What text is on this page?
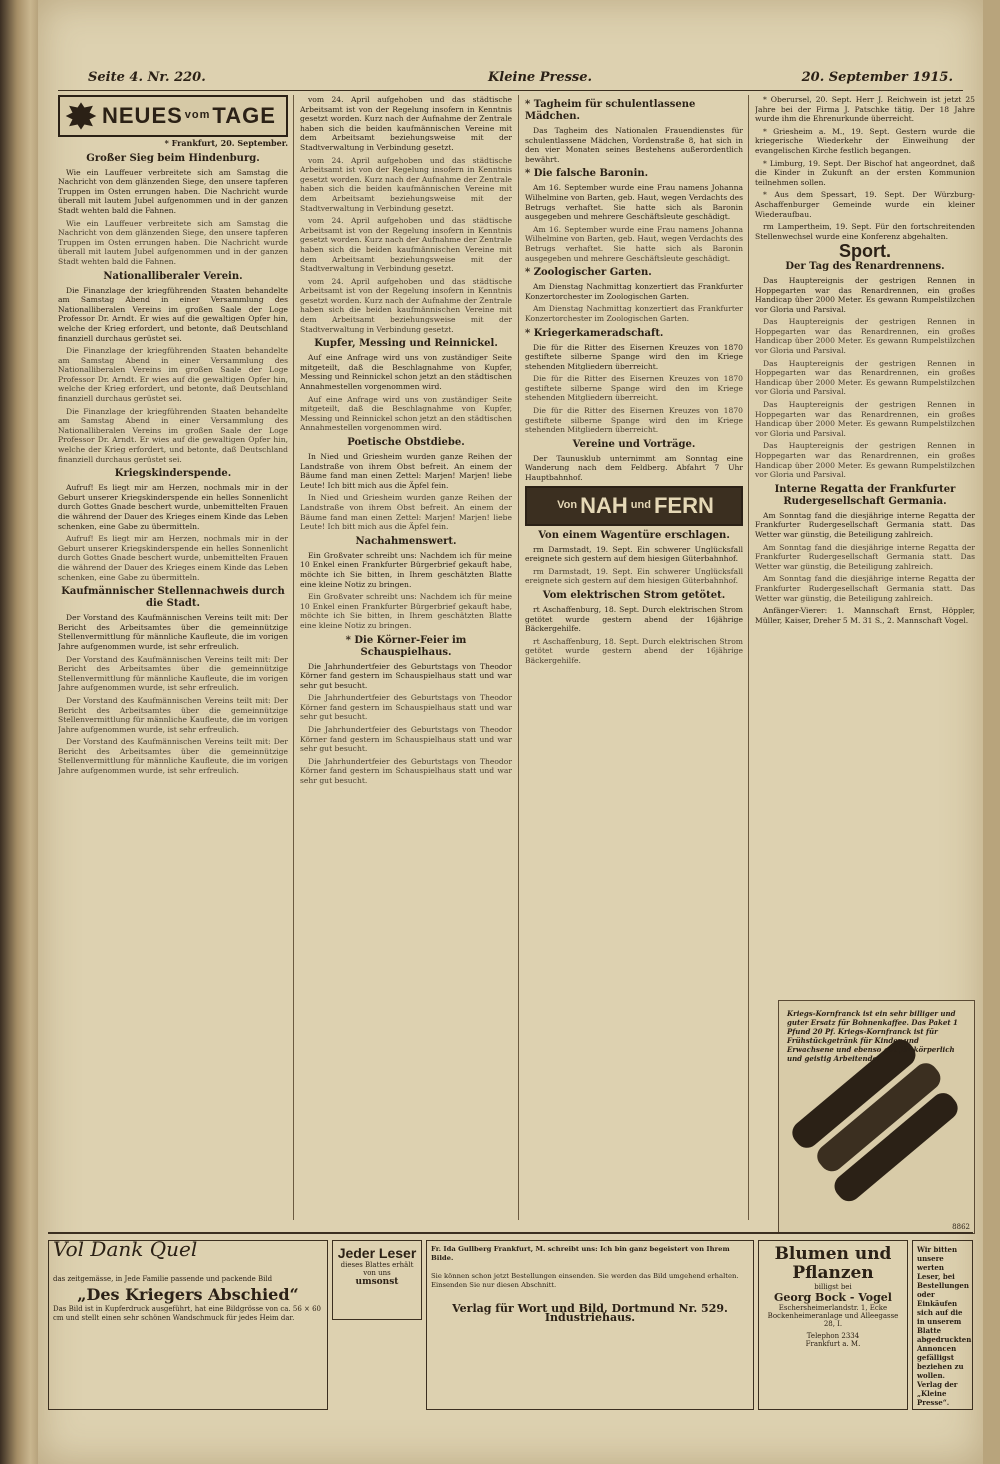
Seite 4. Nr. 220.	Kleine Presse.	20. September 1915.
NEUES vom TAGE
* Frankfurt, 20. September.
Großer Sieg beim Hindenburg.

Wie ein Lauffeuer verbreitete sich am Samstag die Nachricht von dem glänzenden Siege, den unsere tapferen Truppen im Osten errungen haben. Die Nachricht wurde überall mit lautem Jubel aufgenommen und in der ganzen Stadt wehten bald die Fahnen.

Wie ein Lauffeuer verbreitete sich am Samstag die Nachricht von dem glänzenden Siege, den unsere tapferen Truppen im Osten errungen haben. Die Nachricht wurde überall mit lautem Jubel aufgenommen und in der ganzen Stadt wehten bald die Fahnen.

Nationalliberaler Verein.

Die Finanzlage der kriegführenden Staaten behandelte am Samstag Abend in einer Versammlung des Nationalliberalen Vereins im großen Saale der Loge Professor Dr. Arndt. Er wies auf die gewaltigen Opfer hin, welche der Krieg erfordert, und betonte, daß Deutschland finanziell durchaus gerüstet sei.

Die Finanzlage der kriegführenden Staaten behandelte am Samstag Abend in einer Versammlung des Nationalliberalen Vereins im großen Saale der Loge Professor Dr. Arndt. Er wies auf die gewaltigen Opfer hin, welche der Krieg erfordert, und betonte, daß Deutschland finanziell durchaus gerüstet sei.

Die Finanzlage der kriegführenden Staaten behandelte am Samstag Abend in einer Versammlung des Nationalliberalen Vereins im großen Saale der Loge Professor Dr. Arndt. Er wies auf die gewaltigen Opfer hin, welche der Krieg erfordert, und betonte, daß Deutschland finanziell durchaus gerüstet sei.

Kriegskinderspende.

Aufruf! Es liegt mir am Herzen, nochmals mir in der Geburt unserer Kriegskinderspende ein helles Sonnenlicht durch Gottes Gnade beschert wurde, unbemittelten Frauen die während der Dauer des Krieges einem Kinde das Leben schenken, eine Gabe zu übermitteln.

Aufruf! Es liegt mir am Herzen, nochmals mir in der Geburt unserer Kriegskinderspende ein helles Sonnenlicht durch Gottes Gnade beschert wurde, unbemittelten Frauen die während der Dauer des Krieges einem Kinde das Leben schenken, eine Gabe zu übermitteln.

Kaufmännischer Stellennachweis durch die Stadt.

Der Vorstand des Kaufmännischen Vereins teilt mit: Der Bericht des Arbeitsamtes über die gemeinnützige Stellenvermittlung für männliche Kaufleute, die im vorigen Jahre aufgenommen wurde, ist sehr erfreulich.

Der Vorstand des Kaufmännischen Vereins teilt mit: Der Bericht des Arbeitsamtes über die gemeinnützige Stellenvermittlung für männliche Kaufleute, die im vorigen Jahre aufgenommen wurde, ist sehr erfreulich.

Der Vorstand des Kaufmännischen Vereins teilt mit: Der Bericht des Arbeitsamtes über die gemeinnützige Stellenvermittlung für männliche Kaufleute, die im vorigen Jahre aufgenommen wurde, ist sehr erfreulich.

Der Vorstand des Kaufmännischen Vereins teilt mit: Der Bericht des Arbeitsamtes über die gemeinnützige Stellenvermittlung für männliche Kaufleute, die im vorigen Jahre aufgenommen wurde, ist sehr erfreulich.

vom 24. April aufgehoben und das städtische Arbeitsamt ist von der Regelung insofern in Kenntnis gesetzt worden. Kurz nach der Aufnahme der Zentrale haben sich die beiden kaufmännischen Vereine mit dem Arbeitsamt beziehungsweise mit der Stadtverwaltung in Verbindung gesetzt.

vom 24. April aufgehoben und das städtische Arbeitsamt ist von der Regelung insofern in Kenntnis gesetzt worden. Kurz nach der Aufnahme der Zentrale haben sich die beiden kaufmännischen Vereine mit dem Arbeitsamt beziehungsweise mit der Stadtverwaltung in Verbindung gesetzt.

vom 24. April aufgehoben und das städtische Arbeitsamt ist von der Regelung insofern in Kenntnis gesetzt worden. Kurz nach der Aufnahme der Zentrale haben sich die beiden kaufmännischen Vereine mit dem Arbeitsamt beziehungsweise mit der Stadtverwaltung in Verbindung gesetzt.

vom 24. April aufgehoben und das städtische Arbeitsamt ist von der Regelung insofern in Kenntnis gesetzt worden. Kurz nach der Aufnahme der Zentrale haben sich die beiden kaufmännischen Vereine mit dem Arbeitsamt beziehungsweise mit der Stadtverwaltung in Verbindung gesetzt.

Kupfer, Messing und Reinnickel.

Auf eine Anfrage wird uns von zuständiger Seite mitgeteilt, daß die Beschlagnahme von Kupfer, Messing und Reinnickel schon jetzt an den städtischen Annahmestellen vorgenommen wird.

Auf eine Anfrage wird uns von zuständiger Seite mitgeteilt, daß die Beschlagnahme von Kupfer, Messing und Reinnickel schon jetzt an den städtischen Annahmestellen vorgenommen wird.

Poetische Obstdiebe.

In Nied und Griesheim wurden ganze Reihen der Landstraße von ihrem Obst befreit. An einem der Bäume fand man einen Zettel: Marjen! Marjen! liebe Leute! Ich bitt mich aus die Äpfel fein.

In Nied und Griesheim wurden ganze Reihen der Landstraße von ihrem Obst befreit. An einem der Bäume fand man einen Zettel: Marjen! Marjen! liebe Leute! Ich bitt mich aus die Äpfel fein.

Nachahmenswert.

Ein Großvater schreibt uns: Nachdem ich für meine 10 Enkel einen Frankfurter Bürgerbrief gekauft habe, möchte ich Sie bitten, in Ihrem geschätzten Blatte eine kleine Notiz zu bringen.

Ein Großvater schreibt uns: Nachdem ich für meine 10 Enkel einen Frankfurter Bürgerbrief gekauft habe, möchte ich Sie bitten, in Ihrem geschätzten Blatte eine kleine Notiz zu bringen.

* Die Körner-Feier im Schauspielhaus.

Die Jahrhundertfeier des Geburtstags von Theodor Körner fand gestern im Schauspielhaus statt und war sehr gut besucht.

Die Jahrhundertfeier des Geburtstags von Theodor Körner fand gestern im Schauspielhaus statt und war sehr gut besucht.

Die Jahrhundertfeier des Geburtstags von Theodor Körner fand gestern im Schauspielhaus statt und war sehr gut besucht.

Die Jahrhundertfeier des Geburtstags von Theodor Körner fand gestern im Schauspielhaus statt und war sehr gut besucht.

* Tagheim für schulentlassene Mädchen.

Das Tagheim des Nationalen Frauendienstes für schulentlassene Mädchen, Vordenstraße 8, hat sich in den vier Monaten seines Bestehens außerordentlich bewährt.

* Die falsche Baronin.

Am 16. September wurde eine Frau namens Johanna Wilhelmine von Barten, geb. Haut, wegen Verdachts des Betrugs verhaftet. Sie hatte sich als Baronin ausgegeben und mehrere Geschäftsleute geschädigt.

Am 16. September wurde eine Frau namens Johanna Wilhelmine von Barten, geb. Haut, wegen Verdachts des Betrugs verhaftet. Sie hatte sich als Baronin ausgegeben und mehrere Geschäftsleute geschädigt.

* Zoologischer Garten.

Am Dienstag Nachmittag konzertiert das Frankfurter Konzertorchester im Zoologischen Garten.

Am Dienstag Nachmittag konzertiert das Frankfurter Konzertorchester im Zoologischen Garten.

* Kriegerkameradschaft.

Die für die Ritter des Eisernen Kreuzes von 1870 gestiftete silberne Spange wird den im Kriege stehenden Mitgliedern überreicht.

Die für die Ritter des Eisernen Kreuzes von 1870 gestiftete silberne Spange wird den im Kriege stehenden Mitgliedern überreicht.

Die für die Ritter des Eisernen Kreuzes von 1870 gestiftete silberne Spange wird den im Kriege stehenden Mitgliedern überreicht.

Vereine und Vorträge.

Der Taunusklub unternimmt am Sonntag eine Wanderung nach dem Feldberg. Abfahrt 7 Uhr Hauptbahnhof.

Von NAH und FERN
Von einem Wagentüre erschlagen.

rm Darmstadt, 19. Sept. Ein schwerer Unglücksfall ereignete sich gestern auf dem hiesigen Güterbahnhof.

rm Darmstadt, 19. Sept. Ein schwerer Unglücksfall ereignete sich gestern auf dem hiesigen Güterbahnhof.

Vom elektrischen Strom getötet.

rt Aschaffenburg, 18. Sept. Durch elektrischen Strom getötet wurde gestern abend der 16jährige Bäckergehilfe.

rt Aschaffenburg, 18. Sept. Durch elektrischen Strom getötet wurde gestern abend der 16jährige Bäckergehilfe.

* Oberursel, 20. Sept. Herr J. Reichwein ist jetzt 25 Jahre bei der Firma J. Patschke tätig. Der 18 Jahre wurde ihm die Ehrenurkunde überreicht.

* Griesheim a. M., 19. Sept. Gestern wurde die kriegerische Wiederkehr der Einweihung der evangelischen Kirche festlich begangen.

* Limburg, 19. Sept. Der Bischof hat angeordnet, daß die Kinder in Zukunft an der ersten Kommunion teilnehmen sollen.

* Aus dem Spessart, 19. Sept. Der Würzburg-Aschaffenburger Gemeinde wurde ein kleiner Wiederaufbau.

rm Lampertheim, 19. Sept. Für den fortschreitenden Stellenwechsel wurde eine Konferenz abgehalten.

Sport.
Der Tag des Renardrennens.

Das Hauptereignis der gestrigen Rennen in Hoppegarten war das Renardrennen, ein großes Handicap über 2000 Meter. Es gewann Rumpelstilzchen vor Gloria und Parsival.

Das Hauptereignis der gestrigen Rennen in Hoppegarten war das Renardrennen, ein großes Handicap über 2000 Meter. Es gewann Rumpelstilzchen vor Gloria und Parsival.

Das Hauptereignis der gestrigen Rennen in Hoppegarten war das Renardrennen, ein großes Handicap über 2000 Meter. Es gewann Rumpelstilzchen vor Gloria und Parsival.

Das Hauptereignis der gestrigen Rennen in Hoppegarten war das Renardrennen, ein großes Handicap über 2000 Meter. Es gewann Rumpelstilzchen vor Gloria und Parsival.

Das Hauptereignis der gestrigen Rennen in Hoppegarten war das Renardrennen, ein großes Handicap über 2000 Meter. Es gewann Rumpelstilzchen vor Gloria und Parsival.

Interne Regatta der Frankfurter Rudergesellschaft Germania.

Am Sonntag fand die diesjährige interne Regatta der Frankfurter Rudergesellschaft Germania statt. Das Wetter war günstig, die Beteiligung zahlreich.

Am Sonntag fand die diesjährige interne Regatta der Frankfurter Rudergesellschaft Germania statt. Das Wetter war günstig, die Beteiligung zahlreich.

Am Sonntag fand die diesjährige interne Regatta der Frankfurter Rudergesellschaft Germania statt. Das Wetter war günstig, die Beteiligung zahlreich.

Anfänger-Vierer: 1. Mannschaft Ernst, Höppler, Müller, Kaiser, Dreher 5 M. 31 S., 2. Mannschaft Vogel.

Kriegs-Kornfranck ist ein sehr billiger und guter Ersatz für Bohnenkaffee. Das Paket 1 Pfund 20 Pf. Kriegs-Kornfranck ist für Frühstückgetränk für Kinder und Erwachsene und ebenso gut für körperlich und geistig Arbeitende.
8862
Vol Dank Quel
das zeitgemässe, in Jede Familie passende und packende Bild
„Des Kriegers Abschied“
Das Bild ist in Kupferdruck ausgeführt, hat eine Bildgrösse von ca. 56 × 60 cm und stellt einen sehr schönen Wandschmuck für jedes Heim dar.
Jeder Leser
dieses Blattes erhält von uns
umsonst
Fr. Ida Gullberg Frankfurt, M. schreibt uns: Ich bin ganz begeistert von Ihrem Bilde.
Sie können schon jetzt Bestellungen einsenden. Sie werden das Bild umgehend erhalten. Einsenden Sie nur diesen Abschnitt.
Verlag für Wort und Bild, Dortmund Nr. 529. Industriehaus.
Blumen und Pflanzen
billigst bei
Georg Bock - Vogel
Eschersheimerlandstr. 1, Ecke Bockenheimeranlage und Alleegasse 28, I.
Telephon 2334
Frankfurt a. M.
Wir bitten unsere werten Leser, bei Bestellungen oder Einkäufen sich auf die in unserem Blatte abgedruckten Annoncen gefälligst beziehen zu wollen. Verlag der „Kleine Presse“.
